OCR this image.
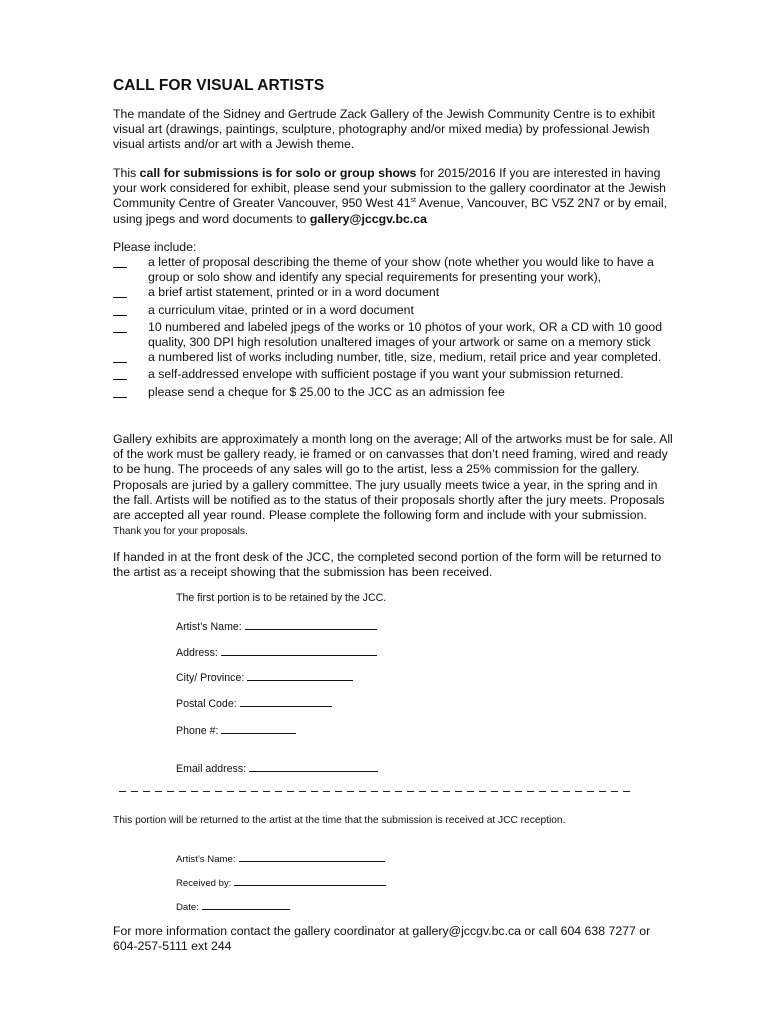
CALL FOR VISUAL ARTISTS
The mandate of the Sidney and Gertrude Zack Gallery of the Jewish Community Centre is to exhibit visual art (drawings, paintings, sculpture, photography and/or mixed media) by professional Jewish visual artists and/or art with a Jewish theme.
This call for submissions is for solo or group shows for 2015/2016 If you are interested in having your work considered for exhibit, please send your submission to the gallery coordinator at the Jewish Community Centre of Greater Vancouver, 950 West 41st Avenue, Vancouver, BC V5Z 2N7 or by email, using jpegs and word documents to gallery@jccgv.bc.ca
Please include:
a letter of proposal describing the theme of your show (note whether you would like to have a group or solo show and identify any special requirements for presenting your work),
a brief artist statement, printed or in a word document
a curriculum vitae, printed or in a word document
10 numbered and labeled jpegs of the works or 10 photos of your work, OR a CD with 10 good quality, 300 DPI high resolution unaltered images of your artwork or same on a memory stick
a numbered list of works including number, title, size, medium, retail price and year completed.
a self-addressed envelope with sufficient postage if you want your submission returned.
please send a cheque for $ 25.00 to the JCC as an admission fee
Gallery exhibits are approximately a month long on the average; All of the artworks must be for sale. All of the work must be gallery ready, ie framed or on canvasses that don’t need framing, wired and ready to be hung. The proceeds of any sales will go to the artist, less a 25% commission for the gallery. Proposals are juried by a gallery committee. The jury usually meets twice a year, in the spring and in the fall. Artists will be notified as to the status of their proposals shortly after the jury meets. Proposals are accepted all year round. Please complete the following form and include with your submission. Thank you for your proposals.
If handed in at the front desk of the JCC, the completed second portion of the form will be returned to the artist as a receipt showing that the submission has been received.
The first portion is to be retained by the JCC.
Artist’s Name:
Address:
City/ Province:
Postal Code:
Phone #:
Email address:
This portion will be returned to the artist at the time that the submission is received at JCC reception.
Artist’s Name:
Received by:
Date:
For more information contact the gallery coordinator at gallery@jccgv.bc.ca or call 604 638 7277 or 604-257-5111 ext 244
